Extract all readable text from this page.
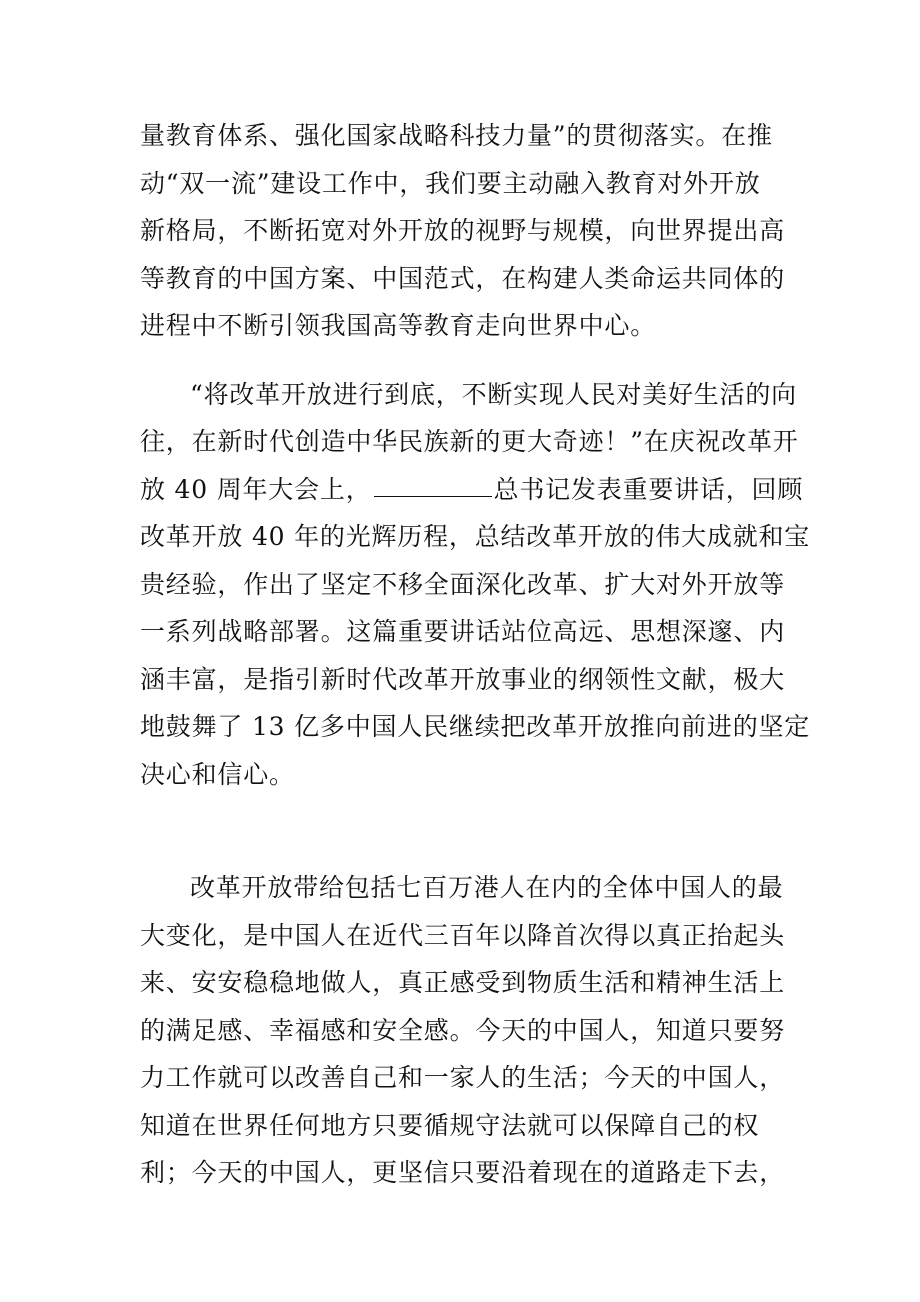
量教育体系、强化国家战略科技力量”的贯彻落实。在推
动“双一流”建设工作中，我们要主动融入教育对外开放
新格局，不断拓宽对外开放的视野与规模，向世界提出高
等教育的中国方案、中国范式，在构建人类命运共同体的
进程中不断引领我国高等教育走向世界中心。
“将改革开放进行到底，不断实现人民对美好生活的向
往，在新时代创造中华民族新的更大奇迹！”在庆祝改革开
放 40 周年大会上，	总书记发表重要讲话，回顾
改革开放 40 年的光辉历程，总结改革开放的伟大成就和宝
贵经验，作出了坚定不移全面深化改革、扩大对外开放等
一系列战略部署。这篇重要讲话站位高远、思想深邃、内
涵丰富，是指引新时代改革开放事业的纲领性文献，极大
地鼓舞了 13 亿多中国人民继续把改革开放推向前进的坚定
决心和信心。
改革开放带给包括七百万港人在内的全体中国人的最
大变化，是中国人在近代三百年以降首次得以真正抬起头
来、安安稳稳地做人，真正感受到物质生活和精神生活上
的满足感、幸福感和安全感。今天的中国人，知道只要努
力工作就可以改善自己和一家人的生活；今天的中国人，
知道在世界任何地方只要循规守法就可以保障自己的权
利；今天的中国人，更坚信只要沿着现在的道路走下去，
